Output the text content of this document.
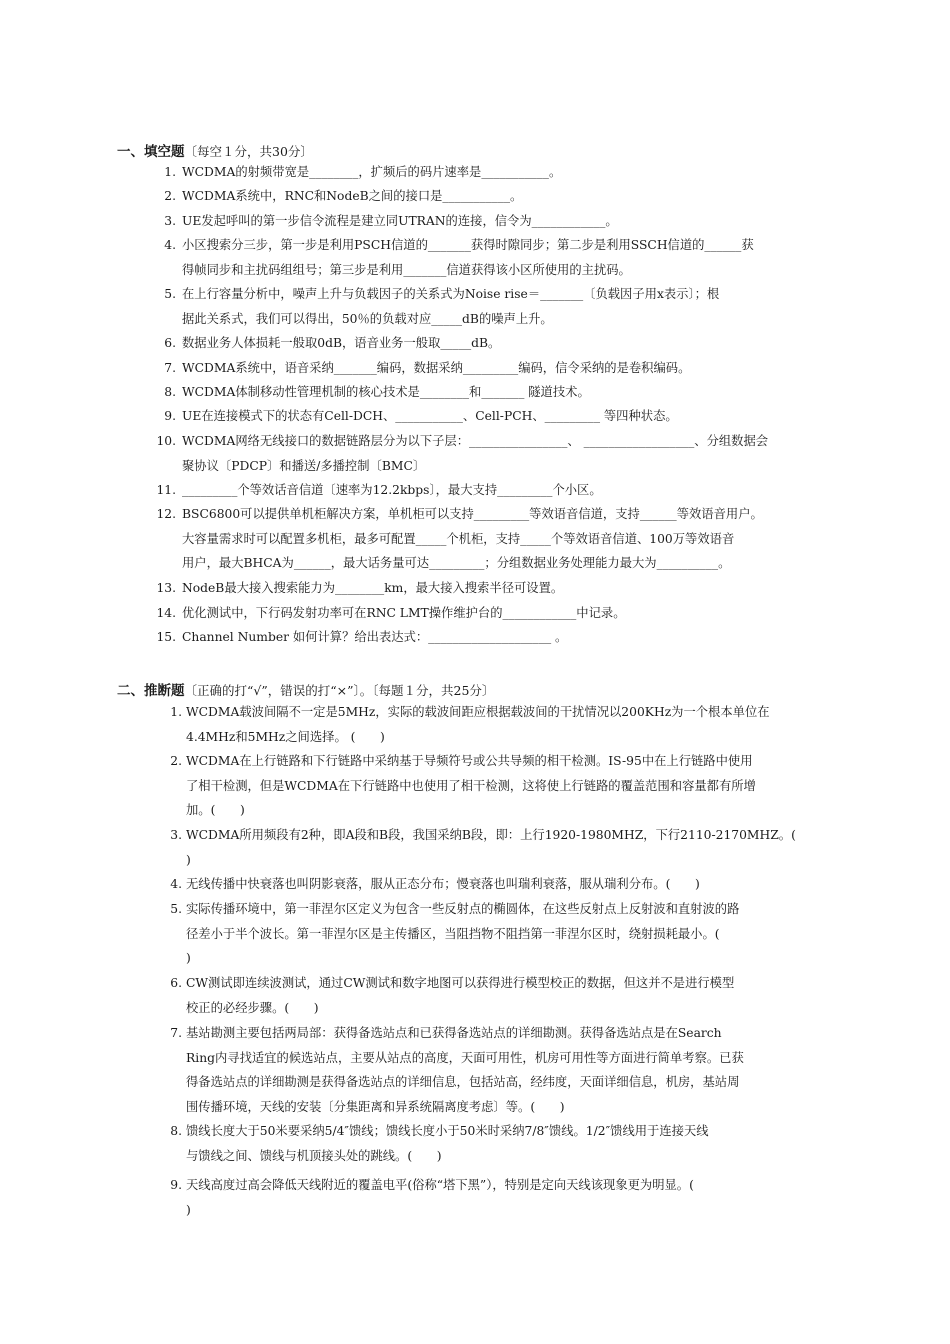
一、填空题〔每空１分，共30分〕
1. WCDMA的射频带宽是________，扩频后的码片速率是___________。
2. WCDMA系统中，RNC和NodeB之间的接口是___________。
3. UE发起呼叫的第一步信令流程是建立同UTRAN的连接，信令为____________。
4. 小区搜索分三步，第一步是利用PSCH信道的_______获得时隙同步；第二步是利用SSCH信道的______获
得帧同步和主扰码组组号；第三步是利用_______信道获得该小区所使用的主扰码。
5. 在上行容量分析中，噪声上升与负载因子的关系式为Noise rise＝_______〔负载因子用x表示〕；根
据此关系式，我们可以得出，50％的负载对应_____dB的噪声上升。
6. 数据业务人体损耗一般取0dB，语音业务一般取_____dB。
7. WCDMA系统中，语音采纳_______编码，数据采纳_________编码，信令采纳的是卷积编码。
8. WCDMA体制移动性管理机制的核心技术是________和_______ 隧道技术。
9. UE在连接模式下的状态有Cell-DCH、___________、Cell-PCH、_________ 等四种状态。
10. WCDMA网络无线接口的数据链路层分为以下子层：________________、 __________________、分组数据会
聚协议〔PDCP〕和播送/多播控制〔BMC〕
11. _________个等效话音信道〔速率为12.2kbps〕，最大支持_________个小区。
12. BSC6800可以提供单机柜解决方案，单机柜可以支持_________等效语音信道，支持______等效语音用户。
大容量需求时可以配置多机柜，最多可配置_____个机柜，支持_____个等效语音信道、100万等效语音
用户，最大BHCA为______，最大话务量可达_________；分组数据业务处理能力最大为__________。
13. NodeB最大接入搜索能力为________km，最大接入搜索半径可设置。
14. 优化测试中，下行码发射功率可在RNC LMT操作维护台的____________中记录。
15. Channel Number 如何计算？给出表达式：____________________ 。
二、推断题〔正确的打“√”，错误的打“×”〕。〔每题１分，共25分〕
1. WCDMA载波间隔不一定是5MHz，实际的载波间距应根据载波间的干扰情况以200KHz为一个根本单位在
4.4MHz和5MHz之间选择。 (　　)
2. WCDMA在上行链路和下行链路中采纳基于导频符号或公共导频的相干检测。IS-95中在上行链路中使用
了相干检测，但是WCDMA在下行链路中也使用了相干检测，这将使上行链路的覆盖范围和容量都有所增
加。(　　)
3. WCDMA所用频段有2种，即A段和B段，我国采纳B段，即：上行1920-1980MHZ，下行2110-2170MHZ。(
)
4. 无线传播中快衰落也叫阴影衰落，服从正态分布；慢衰落也叫瑞利衰落，服从瑞利分布。(　　)
5. 实际传播环境中，第一菲涅尔区定义为包含一些反射点的椭圆体，在这些反射点上反射波和直射波的路
径差小于半个波长。第一菲涅尔区是主传播区，当阻挡物不阻挡第一菲涅尔区时，绕射损耗最小。(
)
6. CW测试即连续波测试，通过CW测试和数字地图可以获得进行模型校正的数据，但这并不是进行模型
校正的必经步骤。(　　)
7. 基站勘测主要包括两局部：获得备选站点和已获得备选站点的详细勘测。获得备选站点是在Search
Ring内寻找适宜的候选站点，主要从站点的高度，天面可用性，机房可用性等方面进行简单考察。已获
得备选站点的详细勘测是获得备选站点的详细信息，包括站高，经纬度，天面详细信息，机房，基站周
围传播环境，天线的安装〔分集距离和异系统隔离度考虑〕等。(　　)
8. 馈线长度大于50米要采纳5/4″馈线；馈线长度小于50米时采纳7/8″馈线。1/2″馈线用于连接天线
与馈线之间、馈线与机顶接头处的跳线。(　　)
9. 天线高度过高会降低天线附近的覆盖电平(俗称“塔下黑”），特别是定向天线该现象更为明显。(
)
